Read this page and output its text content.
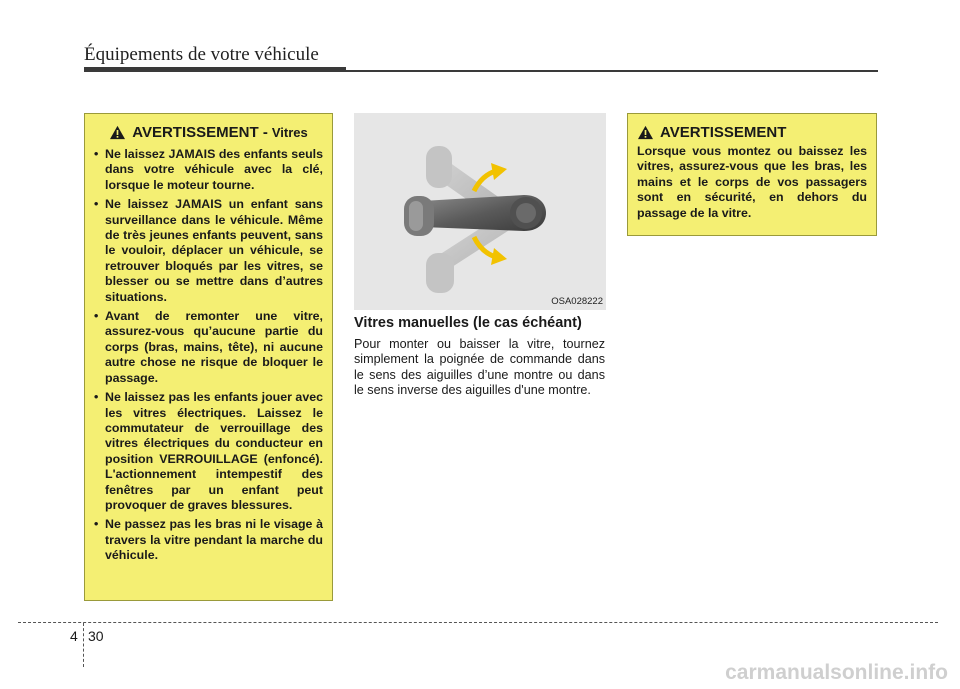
Équipements de votre véhicule
AVERTISSEMENT - Vitres
• Ne laissez JAMAIS des enfants seuls dans votre véhicule avec la clé, lorsque le moteur tourne.
• Ne laissez JAMAIS un enfant sans surveillance dans le véhicule. Même de très jeunes enfants peuvent, sans le vouloir, déplacer un véhicule, se retrouver bloqués par les vitres, se blesser ou se mettre dans d’autres situations.
• Avant de remonter une vitre, assurez-vous qu’aucune partie du corps (bras, mains, tête), ni aucune autre chose ne risque de bloquer le passage.
• Ne laissez pas les enfants jouer avec les vitres électriques. Laissez le commutateur de verrouillage des vitres électriques du conducteur en position VERROUILLAGE (enfoncé). L'actionnement intempestif des fenêtres par un enfant peut provoquer de graves blessures.
• Ne passez pas les bras ni le visage à travers la vitre pendant la marche du véhicule.
OSA028222
Vitres manuelles (le cas échéant)
Pour monter ou baisser la vitre, tournez simplement la poignée de commande dans le sens des aiguilles d’une montre ou dans le sens inverse des aiguilles d'une montre.
AVERTISSEMENT
Lorsque vous montez ou baissez les vitres, assurez-vous que les bras, les mains et le corps de vos passagers sont en sécurité, en dehors du passage de la vitre.
4 30
carmanualsonline.info
